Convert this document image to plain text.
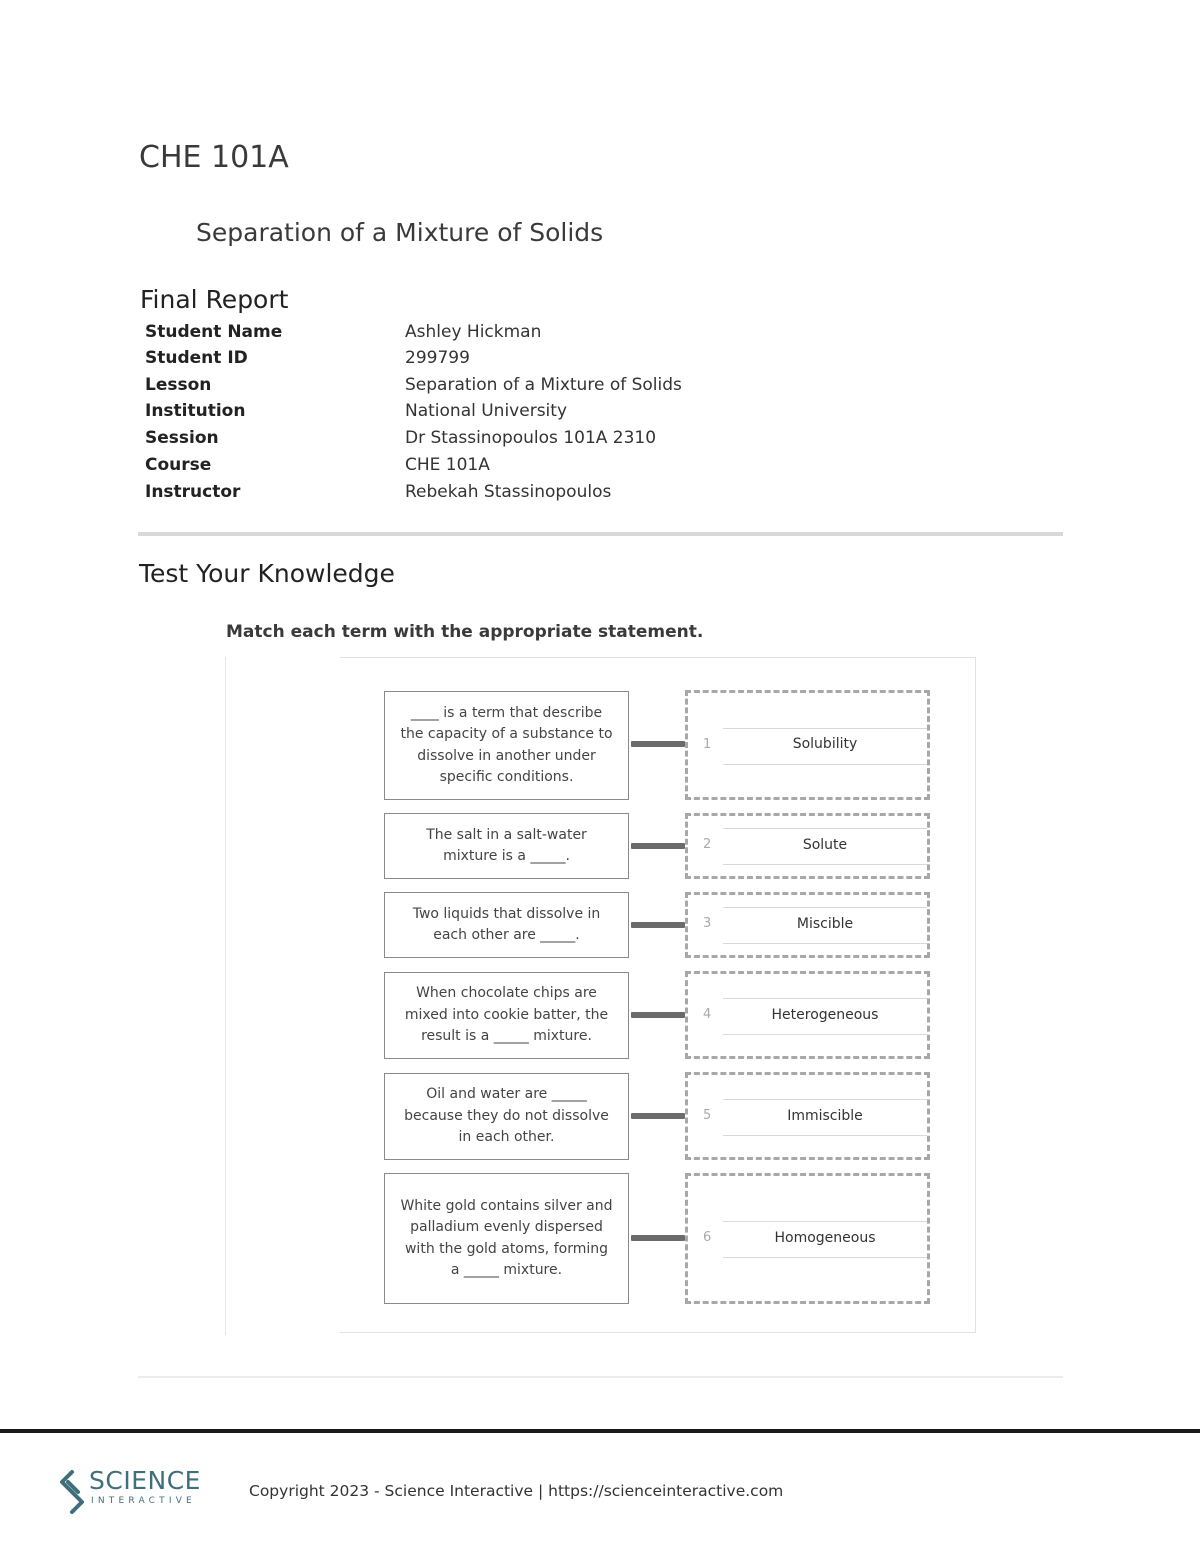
CHE 101A
Separation of a Mixture of Solids
Final Report
Student Name	Ashley Hickman
Student ID	299799
Lesson	Separation of a Mixture of Solids
Institution	National University
Session	Dr Stassinopoulos 101A 2310
Course	CHE 101A
Instructor	Rebekah Stassinopoulos
Test Your Knowledge
Match each term with the appropriate statement.
____ is a term that describe the capacity of a substance to dissolve in another under specific conditions.
1	Solubility
The salt in a salt-water mixture is a _____.
2	Solute
Two liquids that dissolve in each other are _____.
3	Miscible
When chocolate chips are mixed into cookie batter, the result is a _____ mixture.
4	Heterogeneous
Oil and water are _____ because they do not dissolve in each other.
5	Immiscible
White gold contains silver and palladium evenly dispersed with the gold atoms, forming a _____ mixture.
6	Homogeneous
SCIENCE
INTERACTIVE
Copyright 2023 - Science Interactive | https://scienceinteractive.com
